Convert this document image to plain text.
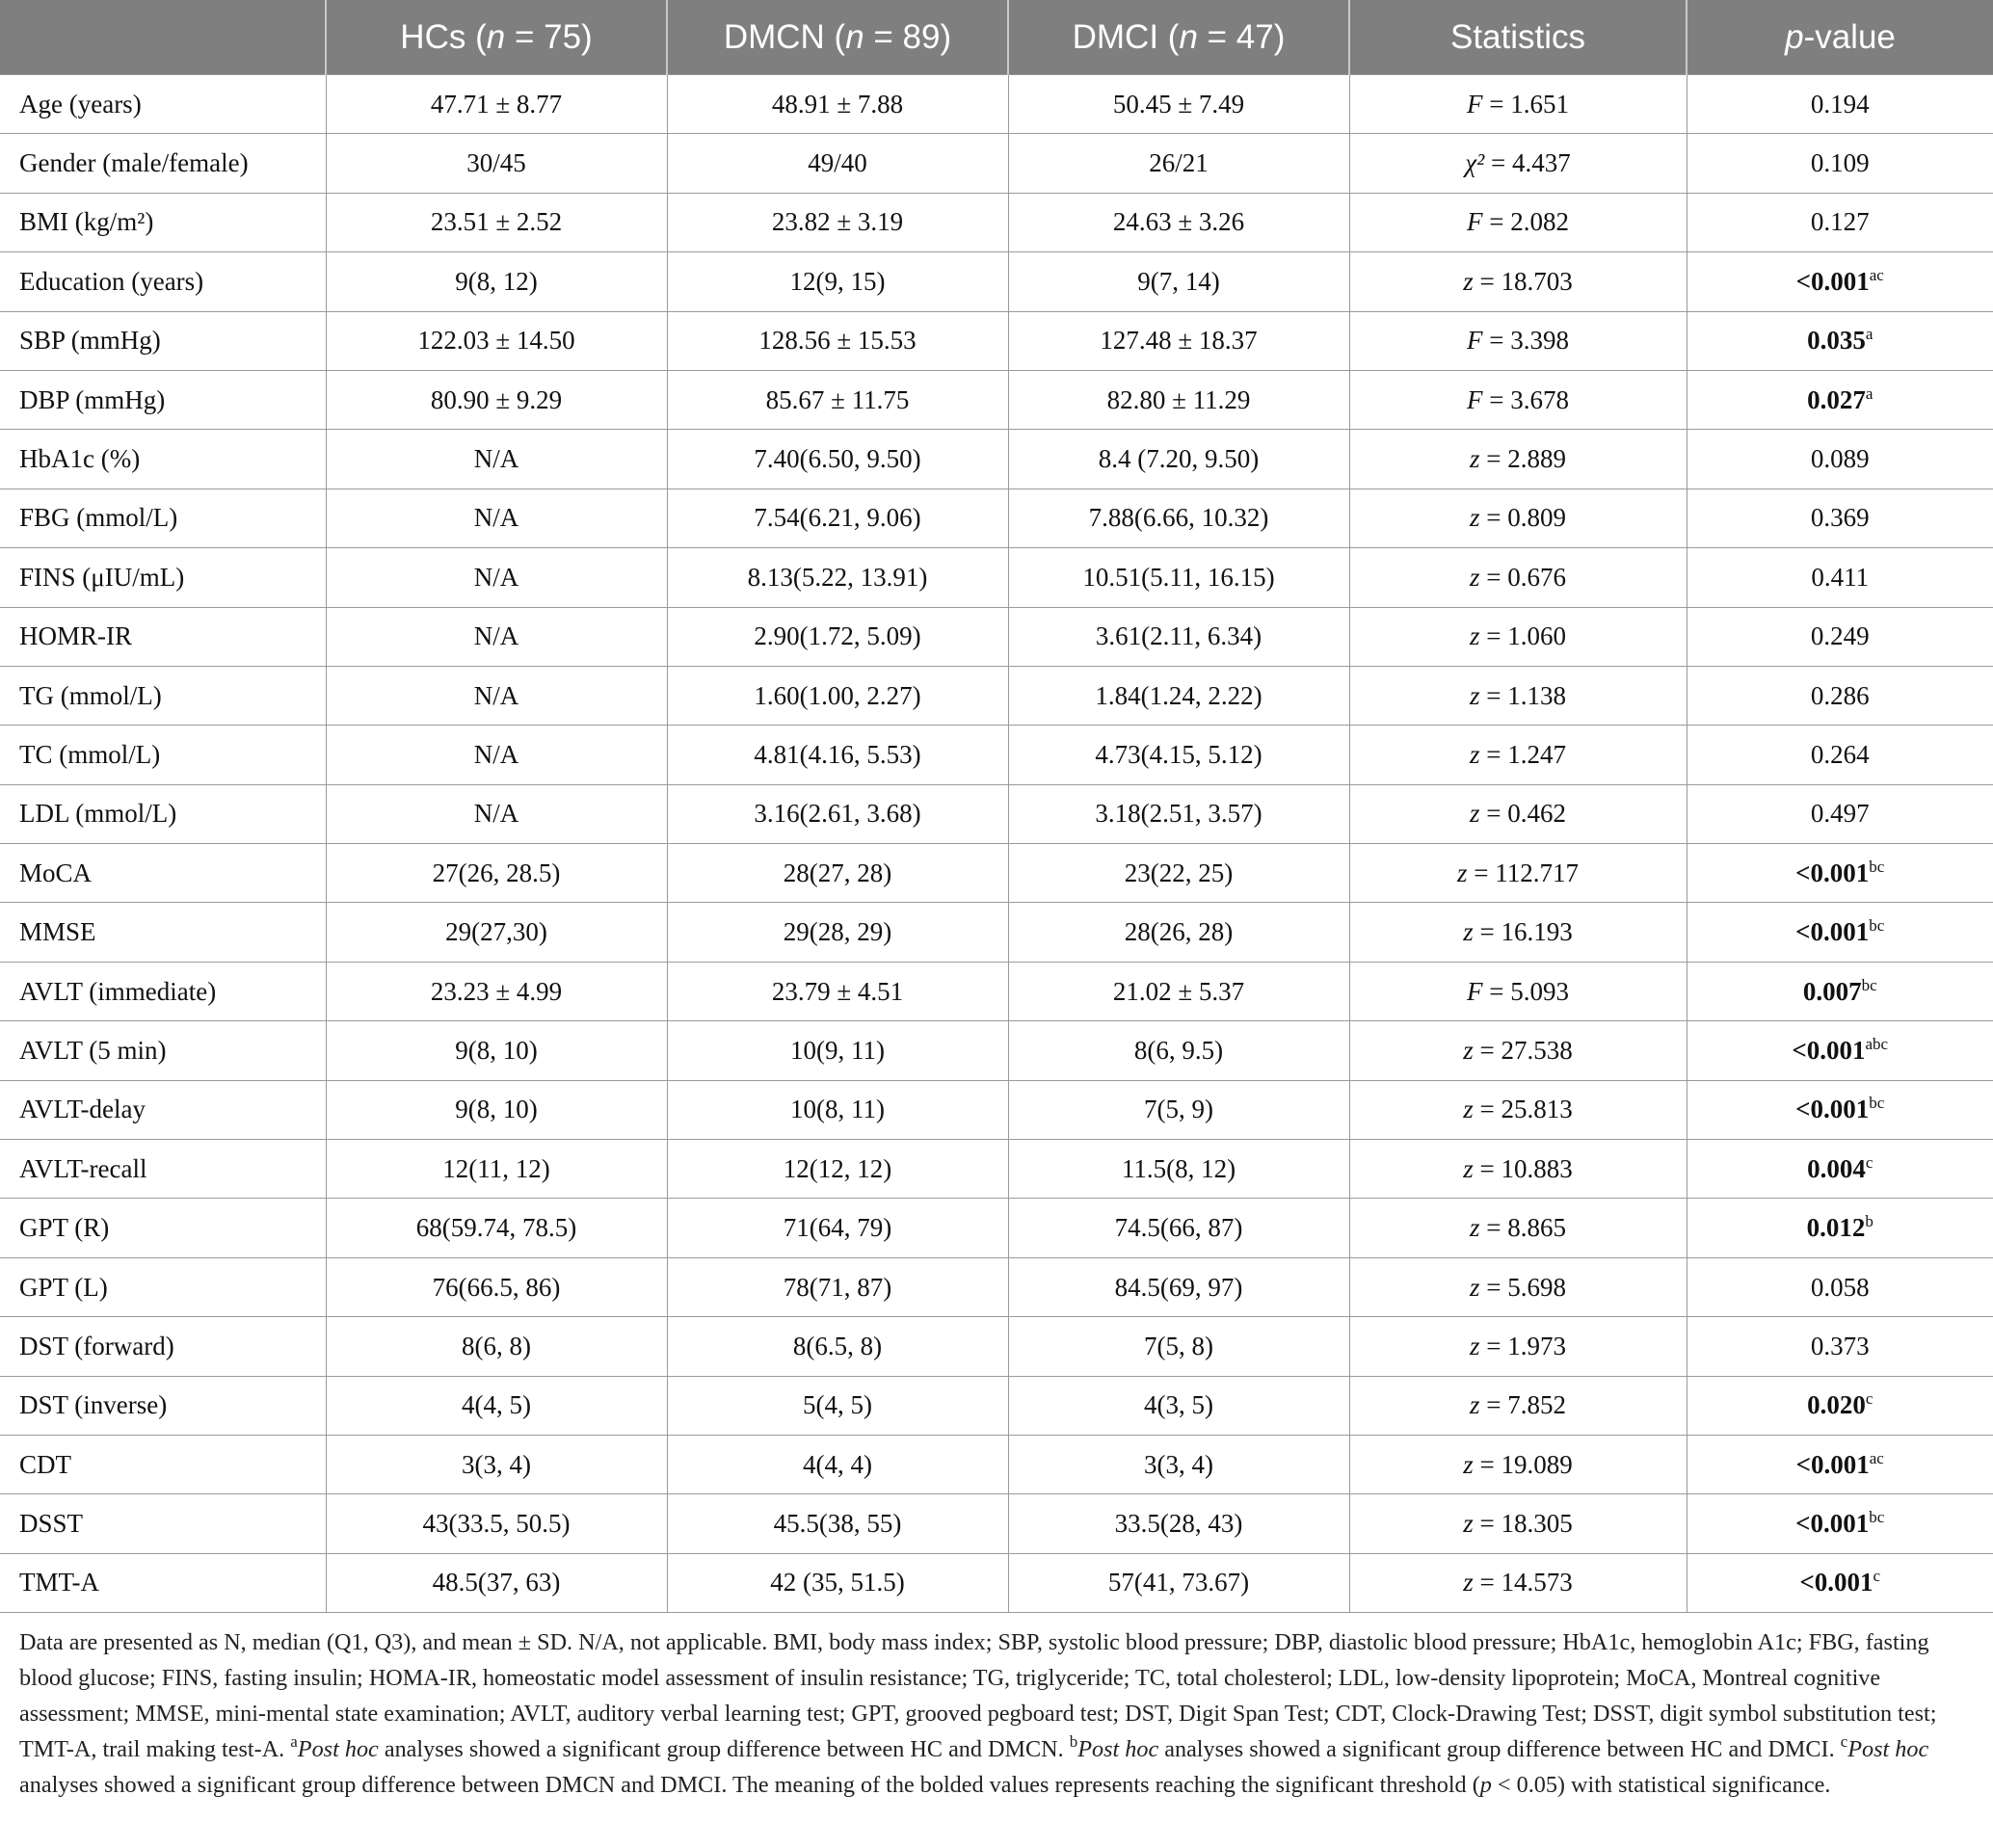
	HCs (n = 75)	DMCN (n = 89)	DMCI (n = 47)	Statistics	p-value
Age (years)	47.71 ± 8.77	48.91 ± 7.88	50.45 ± 7.49	F = 1.651	0.194
Gender (male/female)	30/45	49/40	26/21	χ² = 4.437	0.109
BMI (kg/m²)	23.51 ± 2.52	23.82 ± 3.19	24.63 ± 3.26	F = 2.082	0.127
Education (years)	9(8, 12)	12(9, 15)	9(7, 14)	z = 18.703	<0.001$^{ac}$
SBP (mmHg)	122.03 ± 14.50	128.56 ± 15.53	127.48 ± 18.37	F = 3.398	0.035$^a$
DBP (mmHg)	80.90 ± 9.29	85.67 ± 11.75	82.80 ± 11.29	F = 3.678	0.027$^a$
HbA1c (%)	N/A	7.40(6.50, 9.50)	8.4 (7.20, 9.50)	z = 2.889	0.089
FBG (mmol/L)	N/A	7.54(6.21, 9.06)	7.88(6.66, 10.32)	z = 0.809	0.369
FINS (μIU/mL)	N/A	8.13(5.22, 13.91)	10.51(5.11, 16.15)	z = 0.676	0.411
HOMR-IR	N/A	2.90(1.72, 5.09)	3.61(2.11, 6.34)	z = 1.060	0.249
TG (mmol/L)	N/A	1.60(1.00, 2.27)	1.84(1.24, 2.22)	z = 1.138	0.286
TC (mmol/L)	N/A	4.81(4.16, 5.53)	4.73(4.15, 5.12)	z = 1.247	0.264
LDL (mmol/L)	N/A	3.16(2.61, 3.68)	3.18(2.51, 3.57)	z = 0.462	0.497
MoCA	27(26, 28.5)	28(27, 28)	23(22, 25)	z = 112.717	<0.001$^{bc}$
MMSE	29(27,30)	29(28, 29)	28(26, 28)	z = 16.193	<0.001$^{bc}$
AVLT (immediate)	23.23 ± 4.99	23.79 ± 4.51	21.02 ± 5.37	F = 5.093	0.007$^{bc}$
AVLT (5 min)	9(8, 10)	10(9, 11)	8(6, 9.5)	z = 27.538	<0.001$^{abc}$
AVLT-delay	9(8, 10)	10(8, 11)	7(5, 9)	z = 25.813	<0.001$^{bc}$
AVLT-recall	12(11, 12)	12(12, 12)	11.5(8, 12)	z = 10.883	0.004$^c$
GPT (R)	68(59.74, 78.5)	71(64, 79)	74.5(66, 87)	z = 8.865	0.012$^b$
GPT (L)	76(66.5, 86)	78(71, 87)	84.5(69, 97)	z = 5.698	0.058
DST (forward)	8(6, 8)	8(6.5, 8)	7(5, 8)	z = 1.973	0.373
DST (inverse)	4(4, 5)	5(4, 5)	4(3, 5)	z = 7.852	0.020$^c$
CDT	3(3, 4)	4(4, 4)	3(3, 4)	z = 19.089	<0.001$^{ac}$
DSST	43(33.5, 50.5)	45.5(38, 55)	33.5(28, 43)	z = 18.305	<0.001$^{bc}$
TMT-A	48.5(37, 63)	42 (35, 51.5)	57(41, 73.67)	z = 14.573	<0.001$^c$
Data are presented as N, median (Q1, Q3), and mean ± SD. N/A, not applicable. BMI, body mass index; SBP, systolic blood pressure; DBP, diastolic blood pressure; HbA1c, hemoglobin A1c; FBG, fasting blood glucose; FINS, fasting insulin; HOMA-IR, homeostatic model assessment of insulin resistance; TG, triglyceride; TC, total cholesterol; LDL, low-density lipoprotein; MoCA, Montreal cognitive assessment; MMSE, mini-mental state examination; AVLT, auditory verbal learning test; GPT, grooved pegboard test; DST, Digit Span Test; CDT, Clock-Drawing Test; DSST, digit symbol substitution test; TMT-A, trail making test-A. $^a$Post hoc analyses showed a significant group difference between HC and DMCN. $^b$Post hoc analyses showed a significant group difference between HC and DMCI. $^c$Post hoc analyses showed a significant group difference between DMCN and DMCI. The meaning of the bolded values represents reaching the significant threshold (p < 0.05) with statistical significance.
